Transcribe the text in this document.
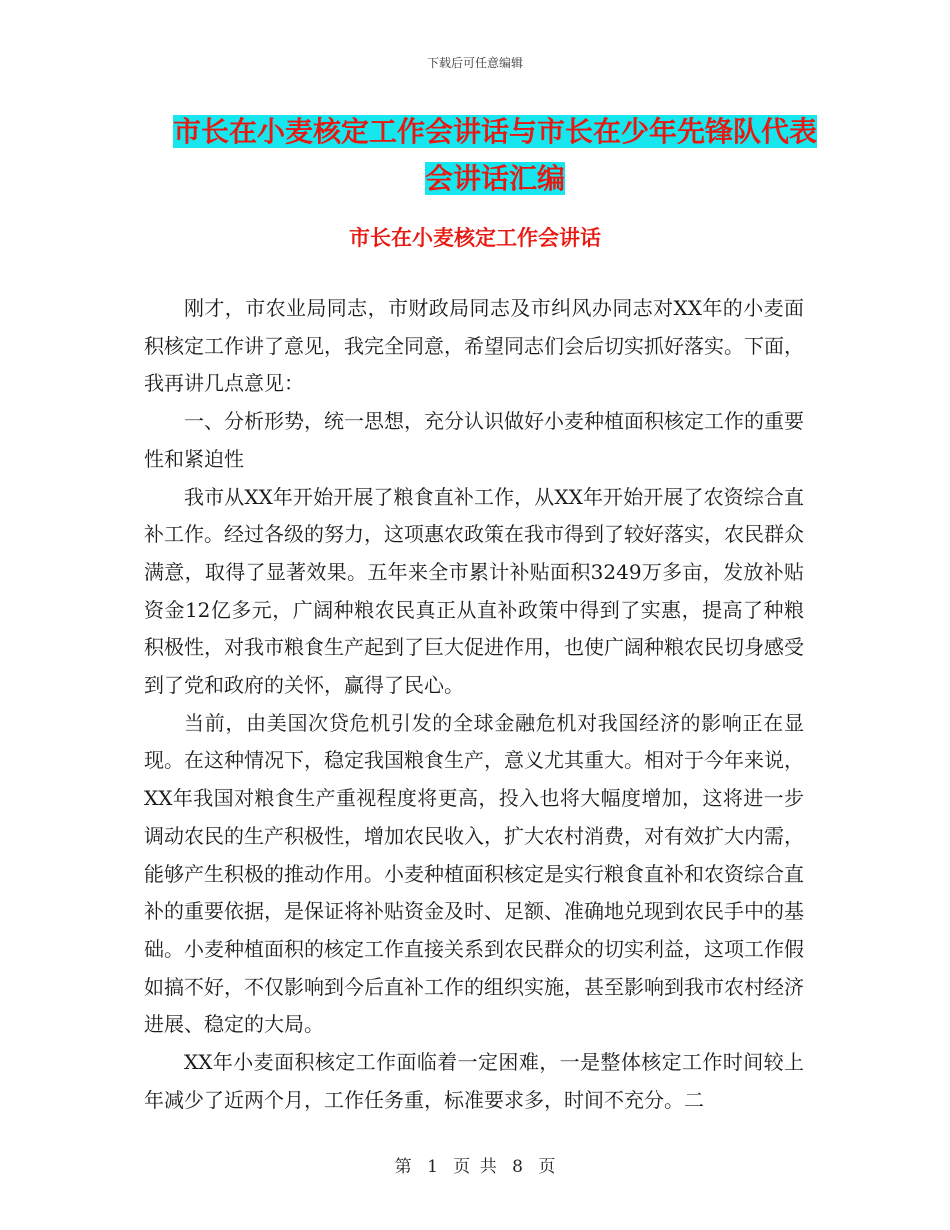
下载后可任意编辑
市长在小麦核定工作会讲话与市长在少年先锋队代表
会讲话汇编
市长在小麦核定工作会讲话

刚才，市农业局同志，市财政局同志及市纠风办同志对XX年的小麦面积核定工作讲了意见，我完全同意，希望同志们会后切实抓好落实。下面，我再讲几点意见：

一、分析形势，统一思想，充分认识做好小麦种植面积核定工作的重要性和紧迫性

我市从XX年开始开展了粮食直补工作，从XX年开始开展了农资综合直补工作。经过各级的努力，这项惠农政策在我市得到了较好落实，农民群众满意，取得了显著效果。五年来全市累计补贴面积3249万多亩，发放补贴资金12亿多元，广阔种粮农民真正从直补政策中得到了实惠，提高了种粮积极性，对我市粮食生产起到了巨大促进作用，也使广阔种粮农民切身感受到了党和政府的关怀，赢得了民心。

当前，由美国次贷危机引发的全球金融危机对我国经济的影响正在显现。在这种情况下，稳定我国粮食生产，意义尤其重大。相对于今年来说，XX年我国对粮食生产重视程度将更高，投入也将大幅度增加，这将进一步调动农民的生产积极性，增加农民收入，扩大农村消费，对有效扩大内需，能够产生积极的推动作用。小麦种植面积核定是实行粮食直补和农资综合直补的重要依据，是保证将补贴资金及时、足额、准确地兑现到农民手中的基础。小麦种植面积的核定工作直接关系到农民群众的切实利益，这项工作假如搞不好，不仅影响到今后直补工作的组织实施，甚至影响到我市农村经济进展、稳定的大局。

XX年小麦面积核定工作面临着一定困难，一是整体核定工作时间较上年减少了近两个月，工作任务重，标准要求多，时间不充分。二

第 1 页 共 8 页
